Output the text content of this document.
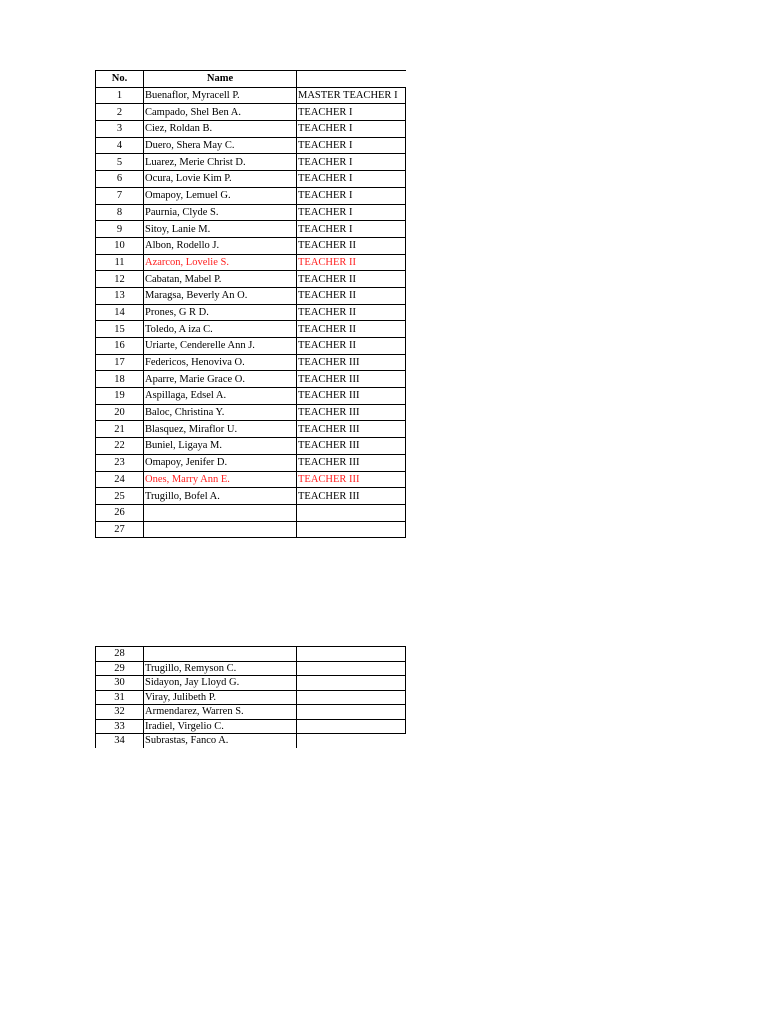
No.	Name	
1	Buenaflor, Myracell P.	MASTER TEACHER I
2	Campado, Shel Ben A.	TEACHER I
3	Ciez, Roldan B.	TEACHER I
4	Duero, Shera May C.	TEACHER I
5	Luarez, Merie Christ D.	TEACHER I
6	Ocura, Lovie Kim P.	TEACHER I
7	Omapoy, Lemuel G.	TEACHER I
8	Paurnia, Clyde S.	TEACHER I
9	Sitoy, Lanie M.	TEACHER I
10	Albon, Rodello J.	TEACHER II
11	Azarcon, Lovelie S.	TEACHER II
12	Cabatan, Mabel P.	TEACHER II
13	Maragsa, Beverly An O.	TEACHER II
14	Prones, G R D.	TEACHER II
15	Toledo, A iza C.	TEACHER II
16	Uriarte, Cenderelle Ann J.	TEACHER II
17	Federicos, Henoviva O.	TEACHER III
18	Aparre, Marie Grace O.	TEACHER III
19	Aspillaga, Edsel A.	TEACHER III
20	Baloc, Christina Y.	TEACHER III
21	Blasquez, Miraflor U.	TEACHER III
22	Buniel, Ligaya M.	TEACHER III
23	Omapoy, Jenifer D.	TEACHER III
24	Ones, Marry Ann E.	TEACHER III
25	Trugillo, Bofel A.	TEACHER III
26		
27		
28		
29	Trugillo, Remyson C.	
30	Sidayon, Jay Lloyd G.	
31	Viray, Julibeth P.	
32	Armendarez, Warren S.	
33	Iradiel, Virgelio C.	
34	Subrastas, Fanco A.	
